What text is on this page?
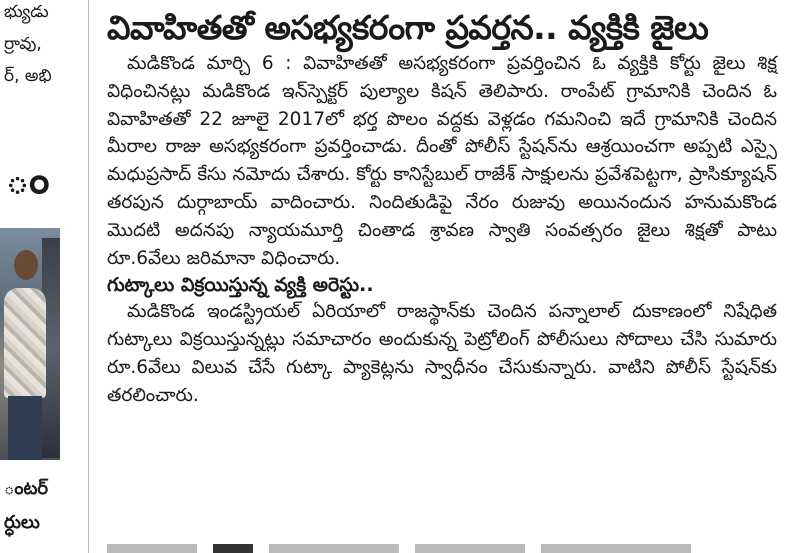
భ్యుడు
ర్రావు,
ర్, అభి
ం
ంటర్
ర్ధులు
వివాహితతో అసభ్యకరంగా ప్రవర్తన.. వ్యక్తికి జైలు

మడికొండ మార్చి 6 : వివాహితతో అసభ్యకరంగా ప్రవర్తించిన ఓ వ్యక్తికి కోర్టు జైలు శిక్ష విధించినట్లు మడికొండ ఇన్‌స్పెక్టర్ పుల్యాల కిషన్ తెలిపారు. రాంపేట్ గ్రామానికి చెందిన ఓ వివాహితతో 22 జూలై 2017లో భర్త పొలం వద్దకు వెళ్లడం గమనించి ఇదే గ్రామానికి చెందిన మీరాల రాజు అసభ్యకరంగా ప్రవర్తించాడు. దీంతో పోలీస్ స్టేషన్‌ను ఆశ్రయించగా అప్పటి ఎస్సై మధుప్రసాద్ కేసు నమోదు చేశారు. కోర్టు కానిస్టేబుల్ రాజేశ్ సాక్షులను ప్రవేశపెట్టగా, ప్రాసిక్యూషన్ తరపున దుర్గాబాయ్ వాదించారు. నిందితుడిపై నేరం రుజువు అయినందున హనుమకొండ మొదటి అదనపు న్యాయమూర్తి చింతాడ శ్రావణ స్వాతి సంవత్సరం జైలు శిక్షతో పాటు రూ.6వేలు జరిమానా విధించారు.

గుట్కాలు విక్రయిస్తున్న వ్యక్తి అరెస్టు..

మడికొండ ఇండస్ట్రియల్ ఏరియాలో రాజస్థాన్‌కు చెందిన పన్నాలాల్ దుకాణంలో నిషేధిత గుట్కాలు విక్రయిస్తున్నట్లు సమాచారం అందుకున్న పెట్రోలింగ్ పోలీసులు సోదాలు చేసి సుమారు రూ.6వేలు విలువ చేసే గుట్కా ప్యాకెట్లను స్వాధీనం చేసుకున్నారు. వాటిని పోలీస్ స్టేషన్‌కు తరలించారు.
